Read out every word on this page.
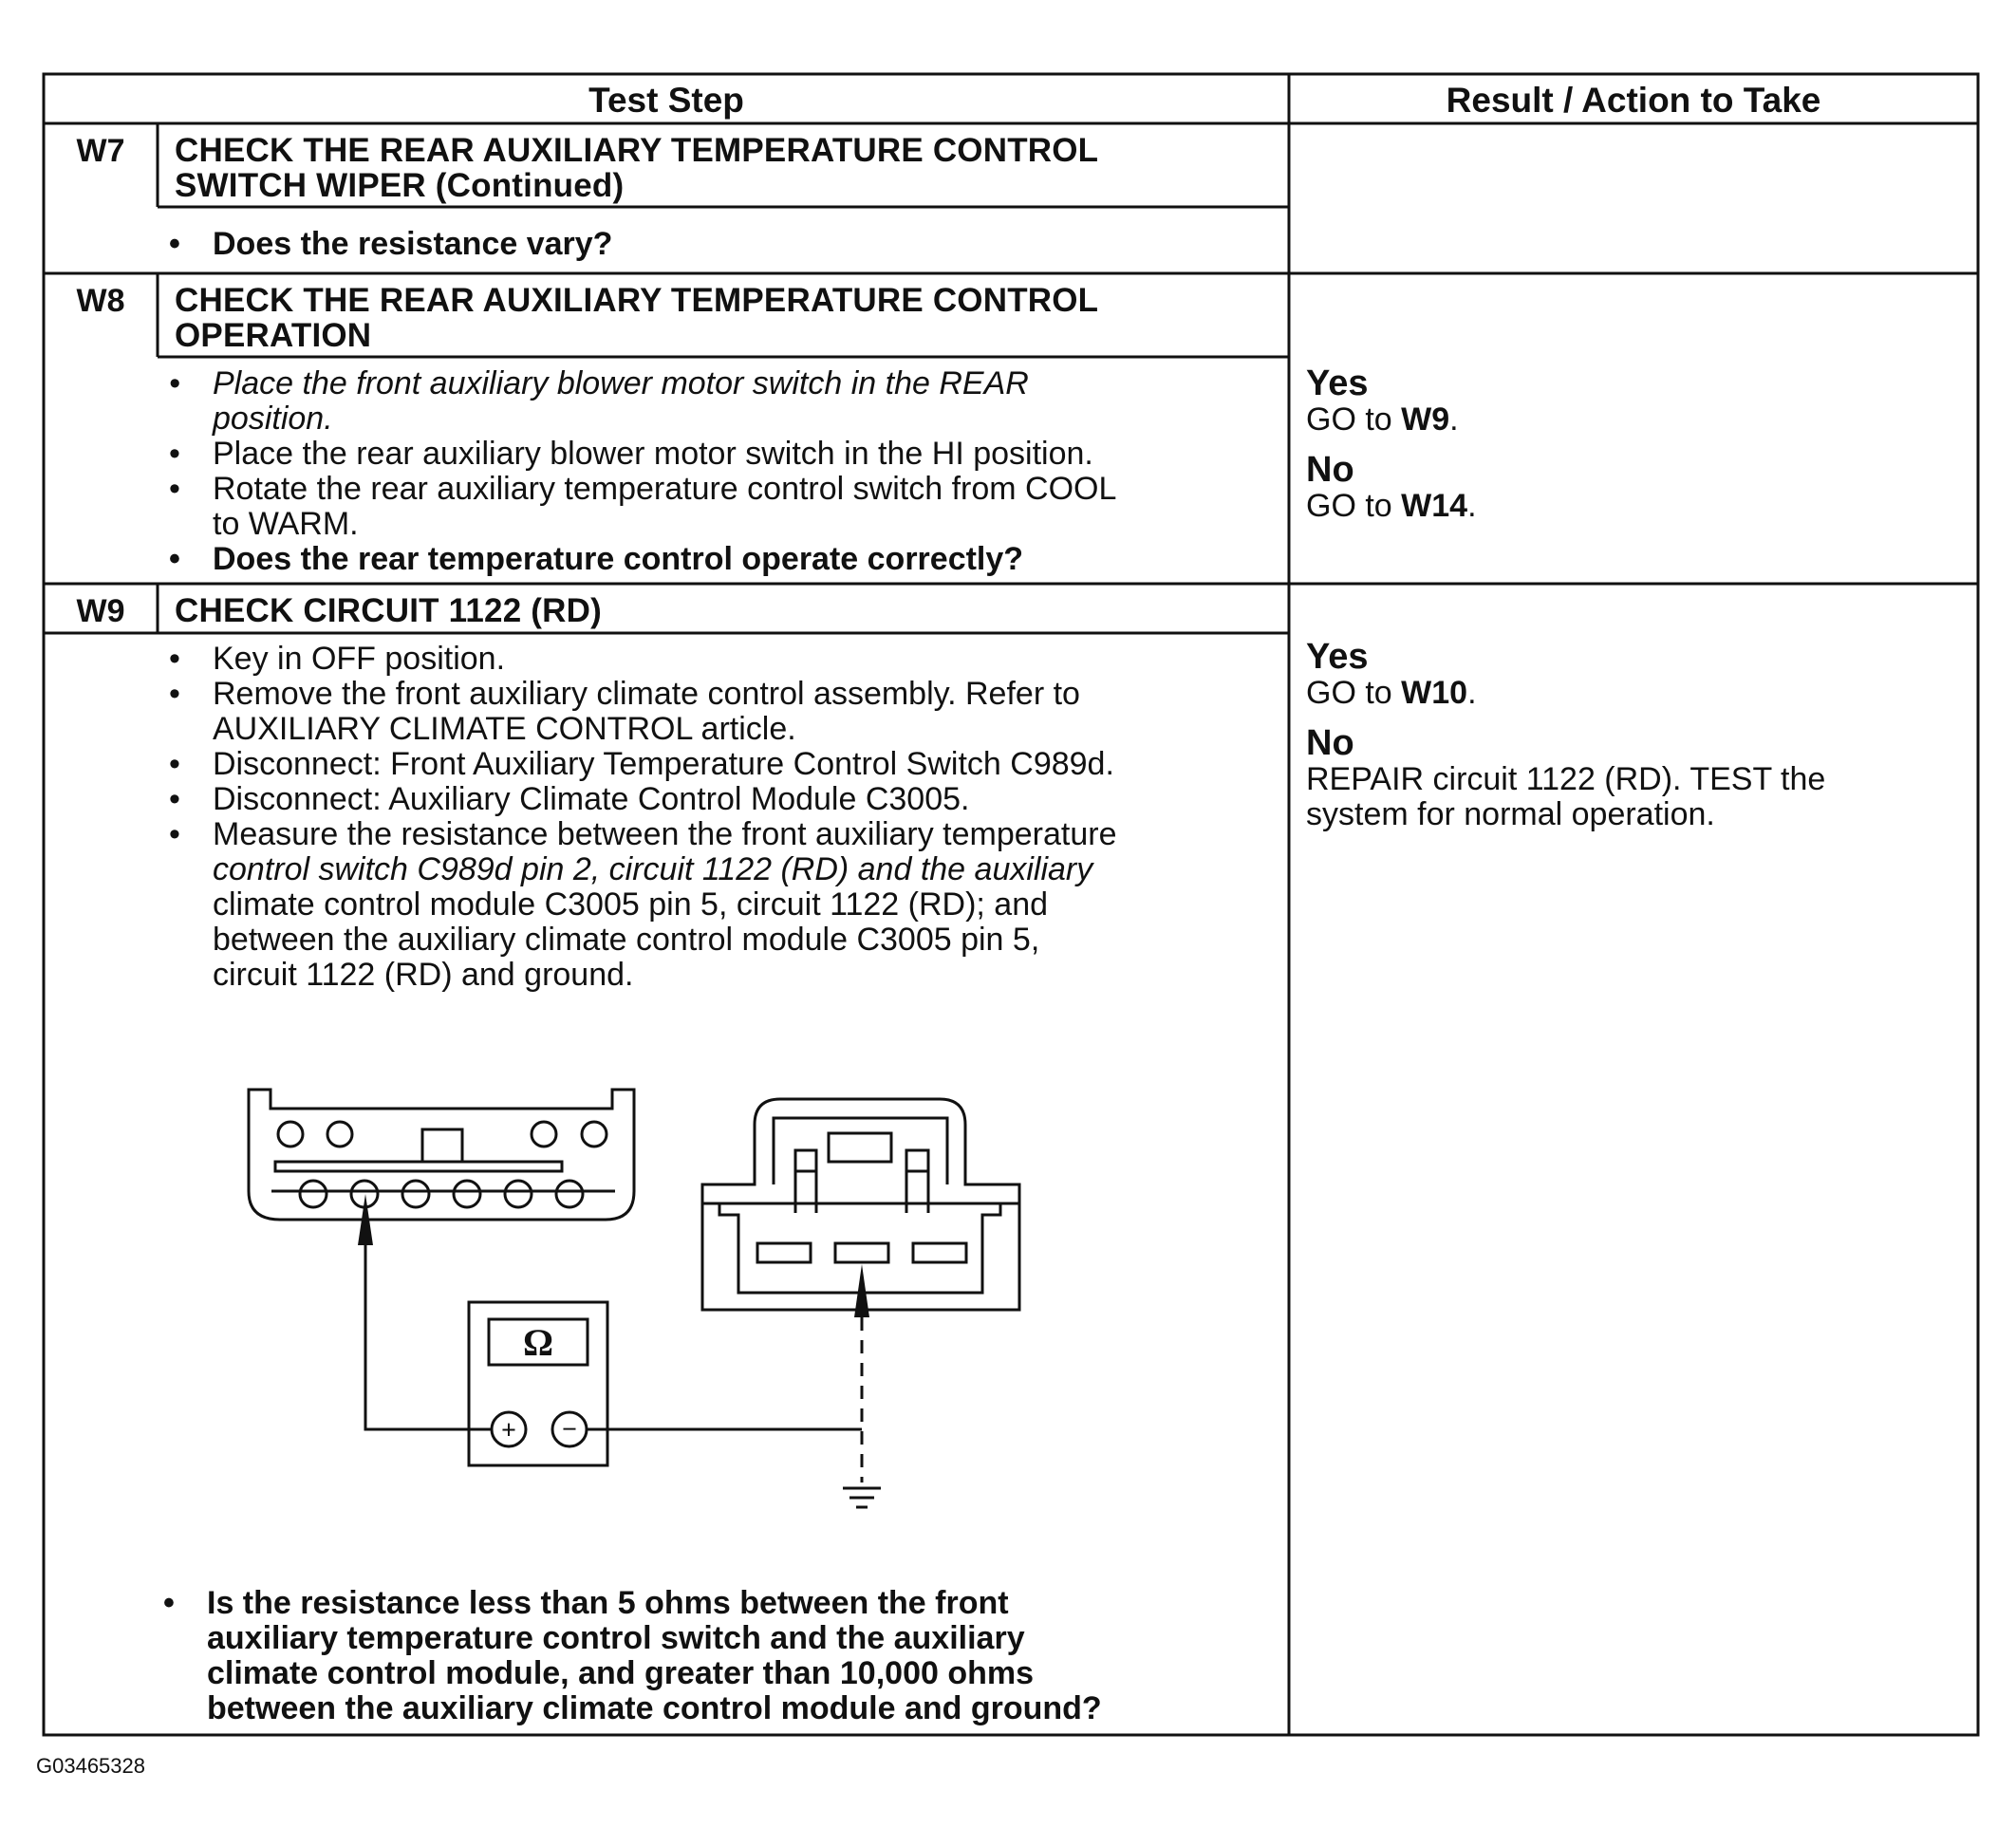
Test Step	Result / Action to Take
W7	CHECK THE REAR AUXILIARY TEMPERATURE CONTROL
SWITCH WIPER (Continued)
• Does the resistance vary?
W8	CHECK THE REAR AUXILIARY TEMPERATURE CONTROL
OPERATION
• Place the front auxiliary blower motor switch in the REAR
position.
• Place the rear auxiliary blower motor switch in the HI position.
• Rotate the rear auxiliary temperature control switch from COOL
to WARM.
• Does the rear temperature control operate correctly?
Yes
GO to W9.
No
GO to W14.
W9	CHECK CIRCUIT 1122 (RD)
• Key in OFF position.
• Remove the front auxiliary climate control assembly. Refer to
AUXILIARY CLIMATE CONTROL article.
• Disconnect: Front Auxiliary Temperature Control Switch C989d.
• Disconnect: Auxiliary Climate Control Module C3005.
• Measure the resistance between the front auxiliary temperature
control switch C989d pin 2, circuit 1122 (RD) and the auxiliary
climate control module C3005 pin 5, circuit 1122 (RD); and
between the auxiliary climate control module C3005 pin 5,
circuit 1122 (RD) and ground.
• Is the resistance less than 5 ohms between the front
auxiliary temperature control switch and the auxiliary
climate control module, and greater than 10,000 ohms
between the auxiliary climate control module and ground?
Yes
GO to W10.
No
REPAIR circuit 1122 (RD). TEST the
system for normal operation.
Ω
+ −
G03465328
